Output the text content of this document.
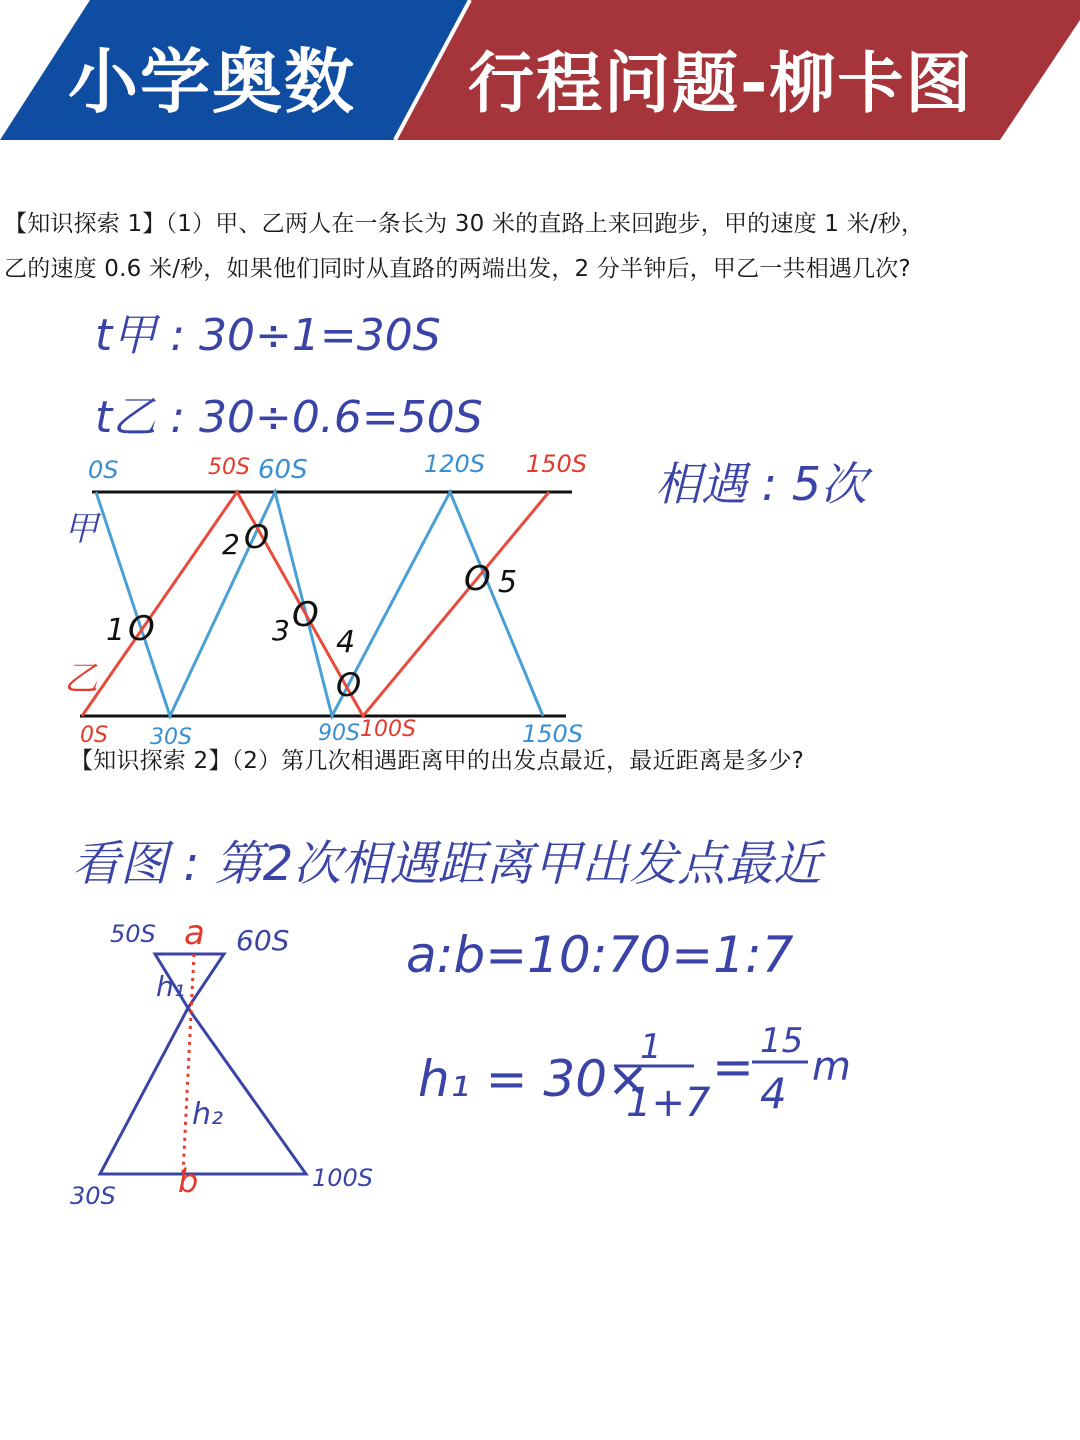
小学奥数 行程问题-柳卡图
【知识探索 1】（1）甲、乙两人在一条长为 30 米的直路上来回跑步，甲的速度 1 米/秒，
乙的速度 0.6 米/秒，如果他们同时从直路的两端出发，2 分半钟后，甲乙一共相遇几次?
【知识探索 2】（2）第几次相遇距离甲的出发点最近，最近距离是多少?
t甲 : 30÷1=30S
t乙 : 30÷0.6=50S
相遇 : 5次
甲
乙
0S	50S 60S	120S 150S
0S 30S	90S 100S	150S
1 O
2 O
3 O
4
O
O 5
看图 : 第2次相遇距离甲出发点最近
50S a 60S
h₁
h₂
b
30S
100S
a:b=10:70=1:7
h₁ = 30×
1
1+7
= 15
4
m
